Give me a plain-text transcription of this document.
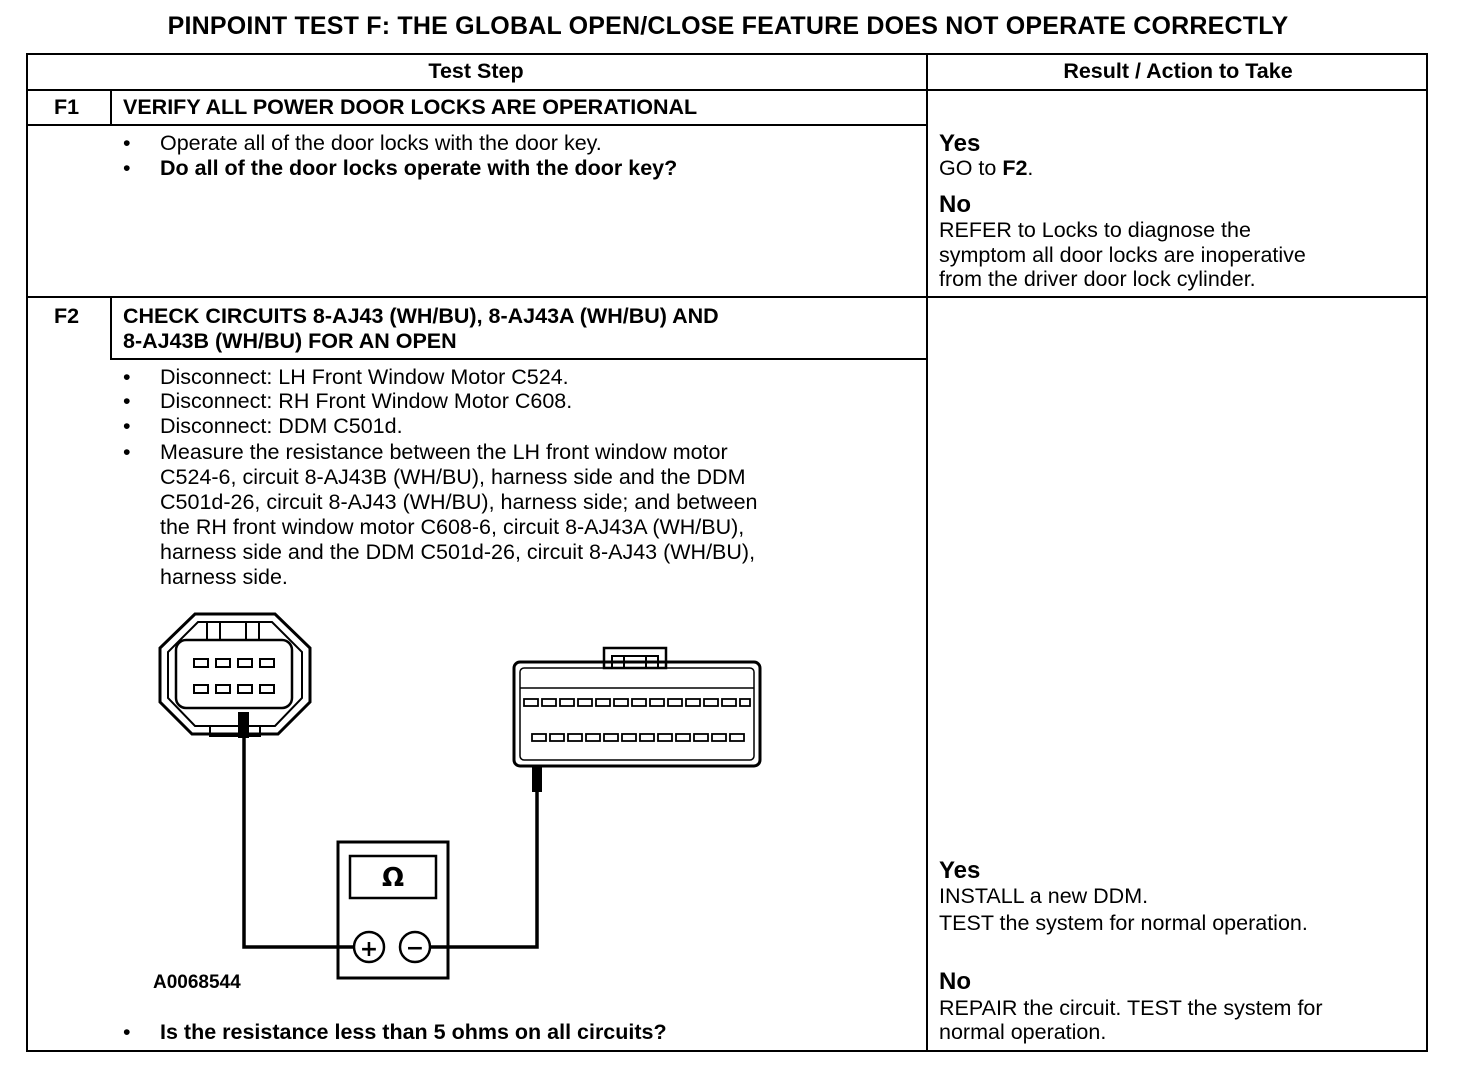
PINPOINT TEST F: THE GLOBAL OPEN/CLOSE FEATURE DOES NOT OPERATE CORRECTLY
Test Step	Result / Action to Take
F1 VERIFY ALL POWER DOOR LOCKS ARE OPERATIONAL
• Operate all of the door locks with the door key.
• Do all of the door locks operate with the door key?
Yes
GO to F2.
No
REFER to Locks to diagnose the
symptom all door locks are inoperative
from the driver door lock cylinder.
F2 CHECK CIRCUITS 8-AJ43 (WH/BU), 8-AJ43A (WH/BU) AND
8-AJ43B (WH/BU) FOR AN OPEN
• Disconnect: LH Front Window Motor C524.
• Disconnect: RH Front Window Motor C608.
• Disconnect: DDM C501d.
• Measure the resistance between the LH front window motor
C524-6, circuit 8-AJ43B (WH/BU), harness side and the DDM
C501d-26, circuit 8-AJ43 (WH/BU), harness side; and between
the RH front window motor C608-6, circuit 8-AJ43A (WH/BU),
harness side and the DDM C501d-26, circuit 8-AJ43 (WH/BU),
harness side.
Ω
+ −
A0068544
• Is the resistance less than 5 ohms on all circuits?
Yes
INSTALL a new DDM.
TEST the system for normal operation.
No
REPAIR the circuit. TEST the system for
normal operation.
